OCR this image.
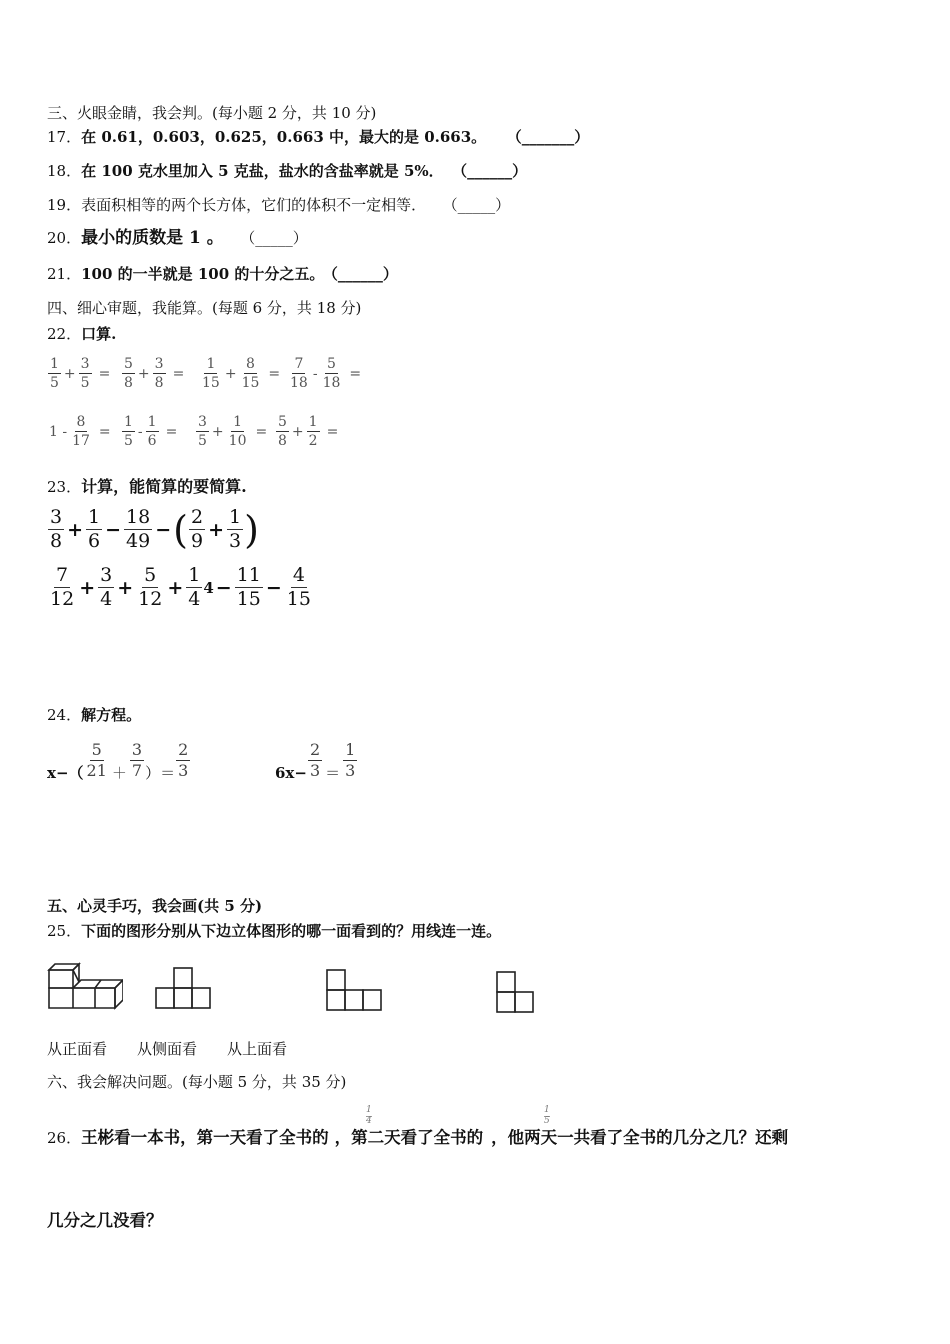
三、火眼金睛，我会判。(每小题 2 分，共 10 分)
17．在 0.61，0.603，0.625，0.663 中，最大的是 0.663。 （_______）
18．在 100 克水里加入 5 克盐，盐水的含盐率就是 5%． （______）
19．表面积相等的两个长方体，它们的体积不一定相等． （_____）
20．最小的质数是 1 。 （_____）
21．100 的一半就是 100 的十分之五。 （______）
四、细心审题，我能算。(每题 6 分，共 18 分)
22．口算.
$\frac{1}{5} + \frac{3}{5} = \frac{5}{8} + \frac{3}{8} = \frac{1}{15} + \frac{8}{15} = \frac{7}{18} - \frac{5}{18}$ =
$1 - \frac{8}{17} = \frac{1}{5} - \frac{1}{6} = \frac{3}{5} + \frac{1}{10} = \frac{5}{8} + \frac{1}{2}$ =
23．计算，能简算的要简算.
$\frac{3}{8} + \frac{1}{6} - \frac{18}{49}$ − ( $\frac{2}{9} + \frac{1}{3}$ )
$\frac{7}{12} + \frac{3}{4} + \frac{5}{12} + \frac{1}{4} 4 - \frac{11}{15} - \frac{4}{15}$
24．解方程。
$x-( \frac{5}{21} + \frac{3}{7}$ ）＝ $\frac{2}{3}$	$6x- \frac{2}{3} = \frac{1}{3}$
五、心灵手巧，我会画(共 5 分)
25．下面的图形分别从下边立体图形的哪一面看到的？用线连一连。
从正面看 从侧面看 从上面看
六、我会解决问题。(每小题 5 分，共 35 分)
26．王彬看一本书，第一天看了全书的 ，第二天看了全书的 ，他两天一共看了全书的几分之几？还剩
$\frac{1}{4}$	$\frac{1}{5}$
几分之几没看？
